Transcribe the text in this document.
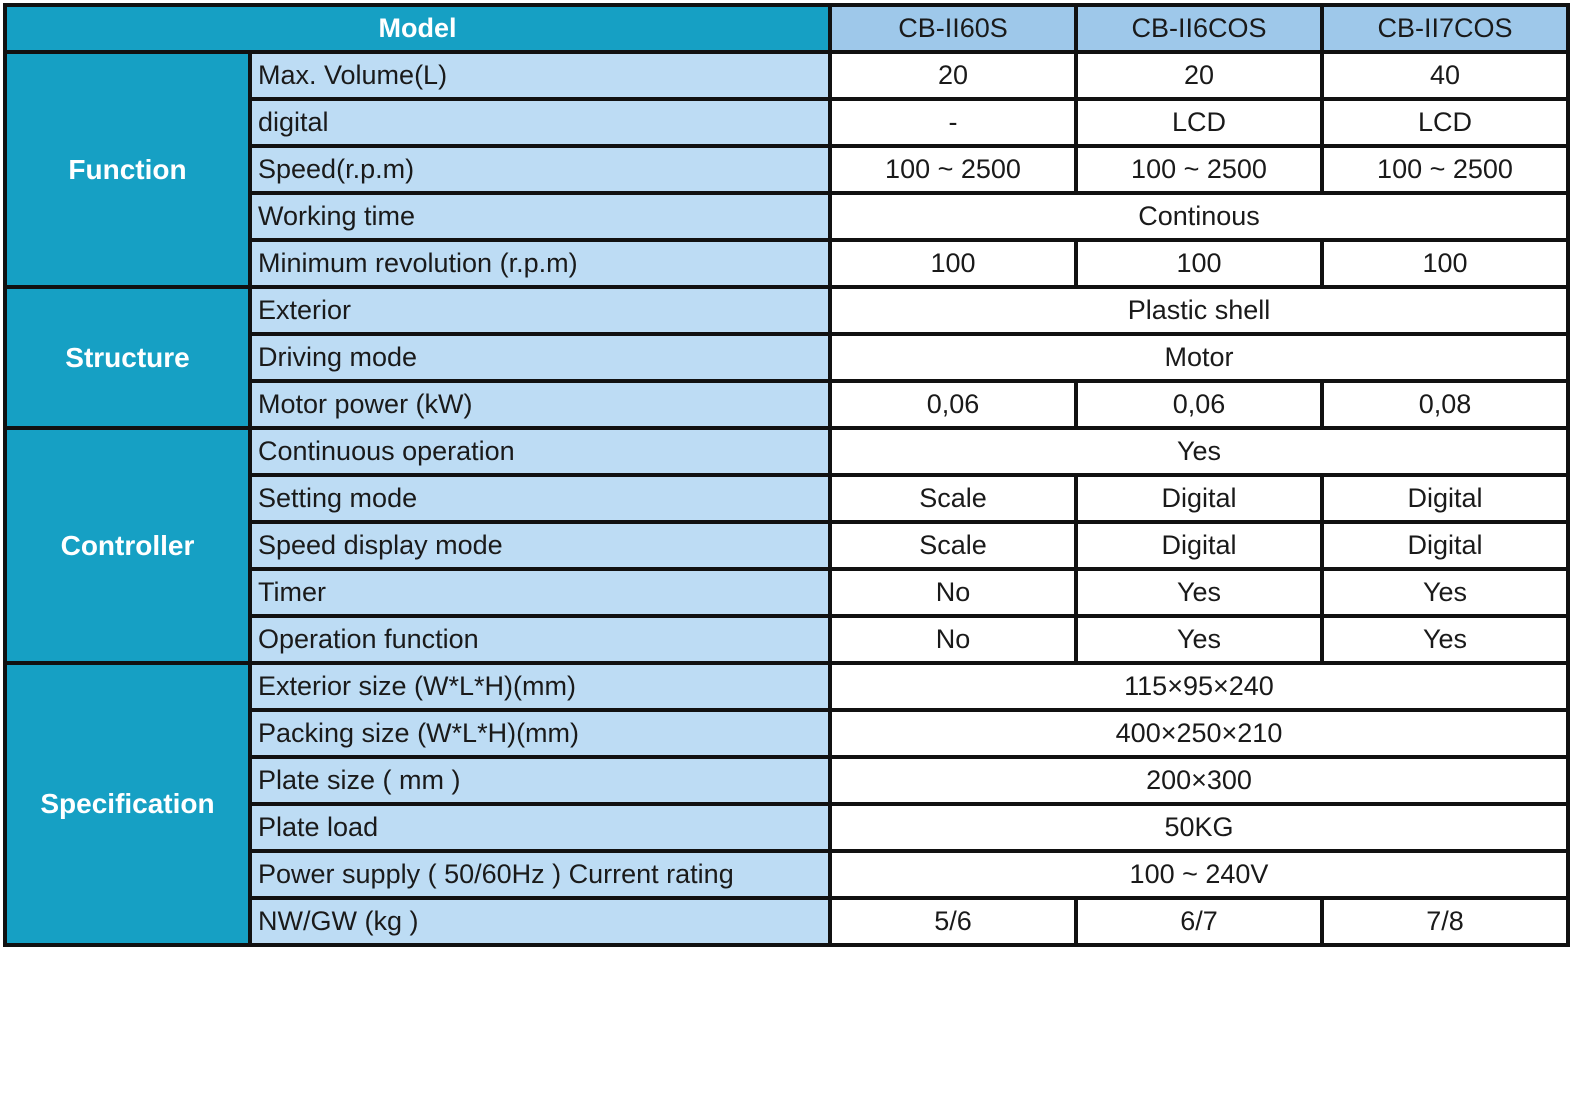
Model		CB-II60S	CB-II6COS	CB-II7COS
Function	Max. Volume(L)	20	20	40
	digital	-	LCD	LCD
	Speed(r.p.m)	100 ~ 2500	100 ~ 2500	100 ~ 2500
	Working time	Continous		
	Minimum revolution (r.p.m)	100	100	100
Structure	Exterior	Plastic shell		
	Driving mode	Motor		
	Motor power (kW)	0,06	0,06	0,08
Controller	Continuous operation	Yes		
	Setting mode	Scale	Digital	Digital
	Speed display mode	Scale	Digital	Digital
	Timer	No	Yes	Yes
	Operation function	No	Yes	Yes
Specification	Exterior size (W*L*H)(mm)	115×95×240		
	Packing size (W*L*H)(mm)	400×250×210		
	Plate size ( mm )	200×300		
	Plate load	50KG		
	Power supply ( 50/60Hz ) Current rating	100 ~ 240V		
	NW/GW (kg )	5/6	6/7	7/8
